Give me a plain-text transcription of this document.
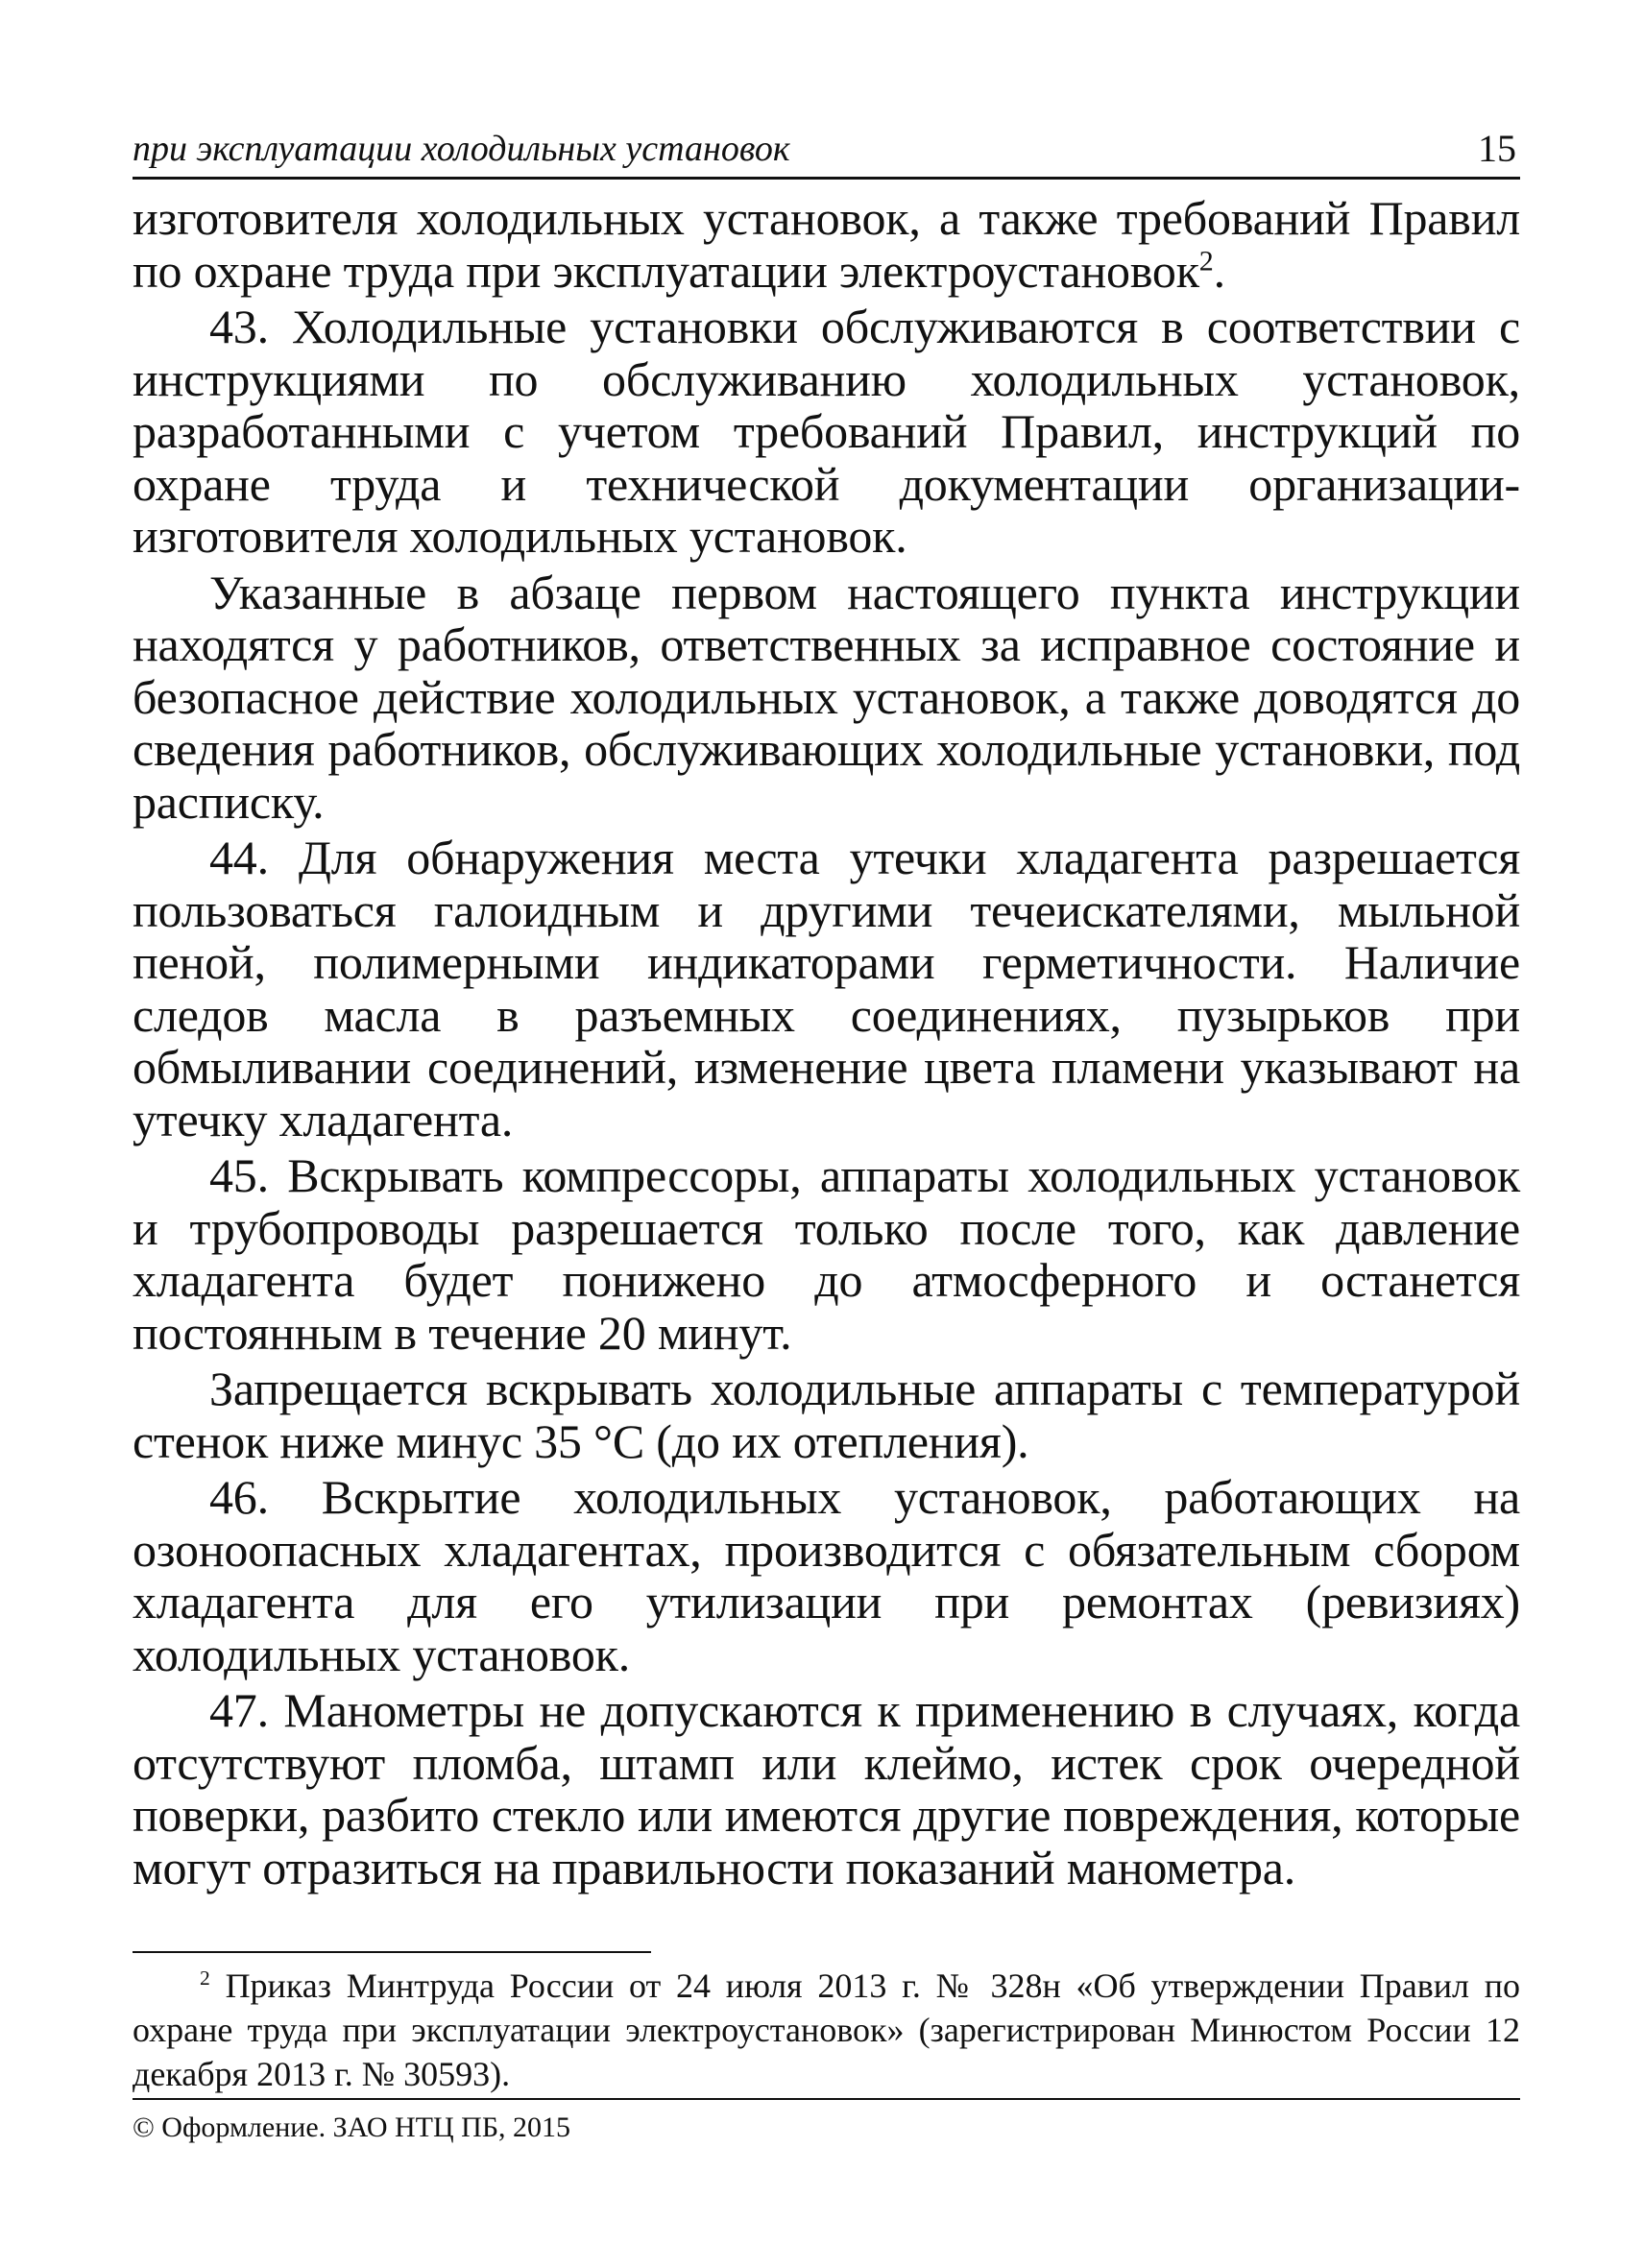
при эксплуатации холодильных установок	15

изготовителя холодильных установок, а также требований Правил по охране труда при эксплуатации электроустановок$^2$.

43. Холодильные установки обслуживаются в соответствии с инструкциями по обслуживанию холодильных установок, разработанными с учетом требований Правил, инструкций по охране труда и технической документации организации-изготовителя холодильных установок.

Указанные в абзаце первом настоящего пункта инструкции находятся у работников, ответственных за исправное состояние и безопасное действие холодильных установок, а также доводятся до сведения работников, обслуживающих холодильные установки, под расписку.

44. Для обнаружения места утечки хладагента разрешается пользоваться галоидным и другими течеискателями, мыльной пеной, полимерными индикаторами герметичности. Наличие следов масла в разъемных соединениях, пузырьков при обмыливании соединений, изменение цвета пламени указывают на утечку хладагента.

45. Вскрывать компрессоры, аппараты холодильных установок и трубопроводы разрешается только после того, как давление хладагента будет понижено до атмосферного и останется постоянным в течение 20 минут.

Запрещается вскрывать холодильные аппараты с температурой стенок ниже минус 35 °С (до их отепления).

46. Вскрытие холодильных установок, работающих на озоноопасных хладагентах, производится с обязательным сбором хладагента для его утилизации при ремонтах (ревизиях) холодильных установок.

47. Манометры не допускаются к применению в случаях, когда отсутствуют пломба, штамп или клеймо, истек срок очередной поверки, разбито стекло или имеются другие повреждения, которые могут отразиться на правильности показаний манометра.

$^2$ Приказ Минтруда России от 24 июля 2013 г. № 328н «Об утверждении Правил по охране труда при эксплуатации электроустановок» (зарегистрирован Минюстом России 12 декабря 2013 г. № 30593).

© Оформление. ЗАО НТЦ ПБ, 2015
